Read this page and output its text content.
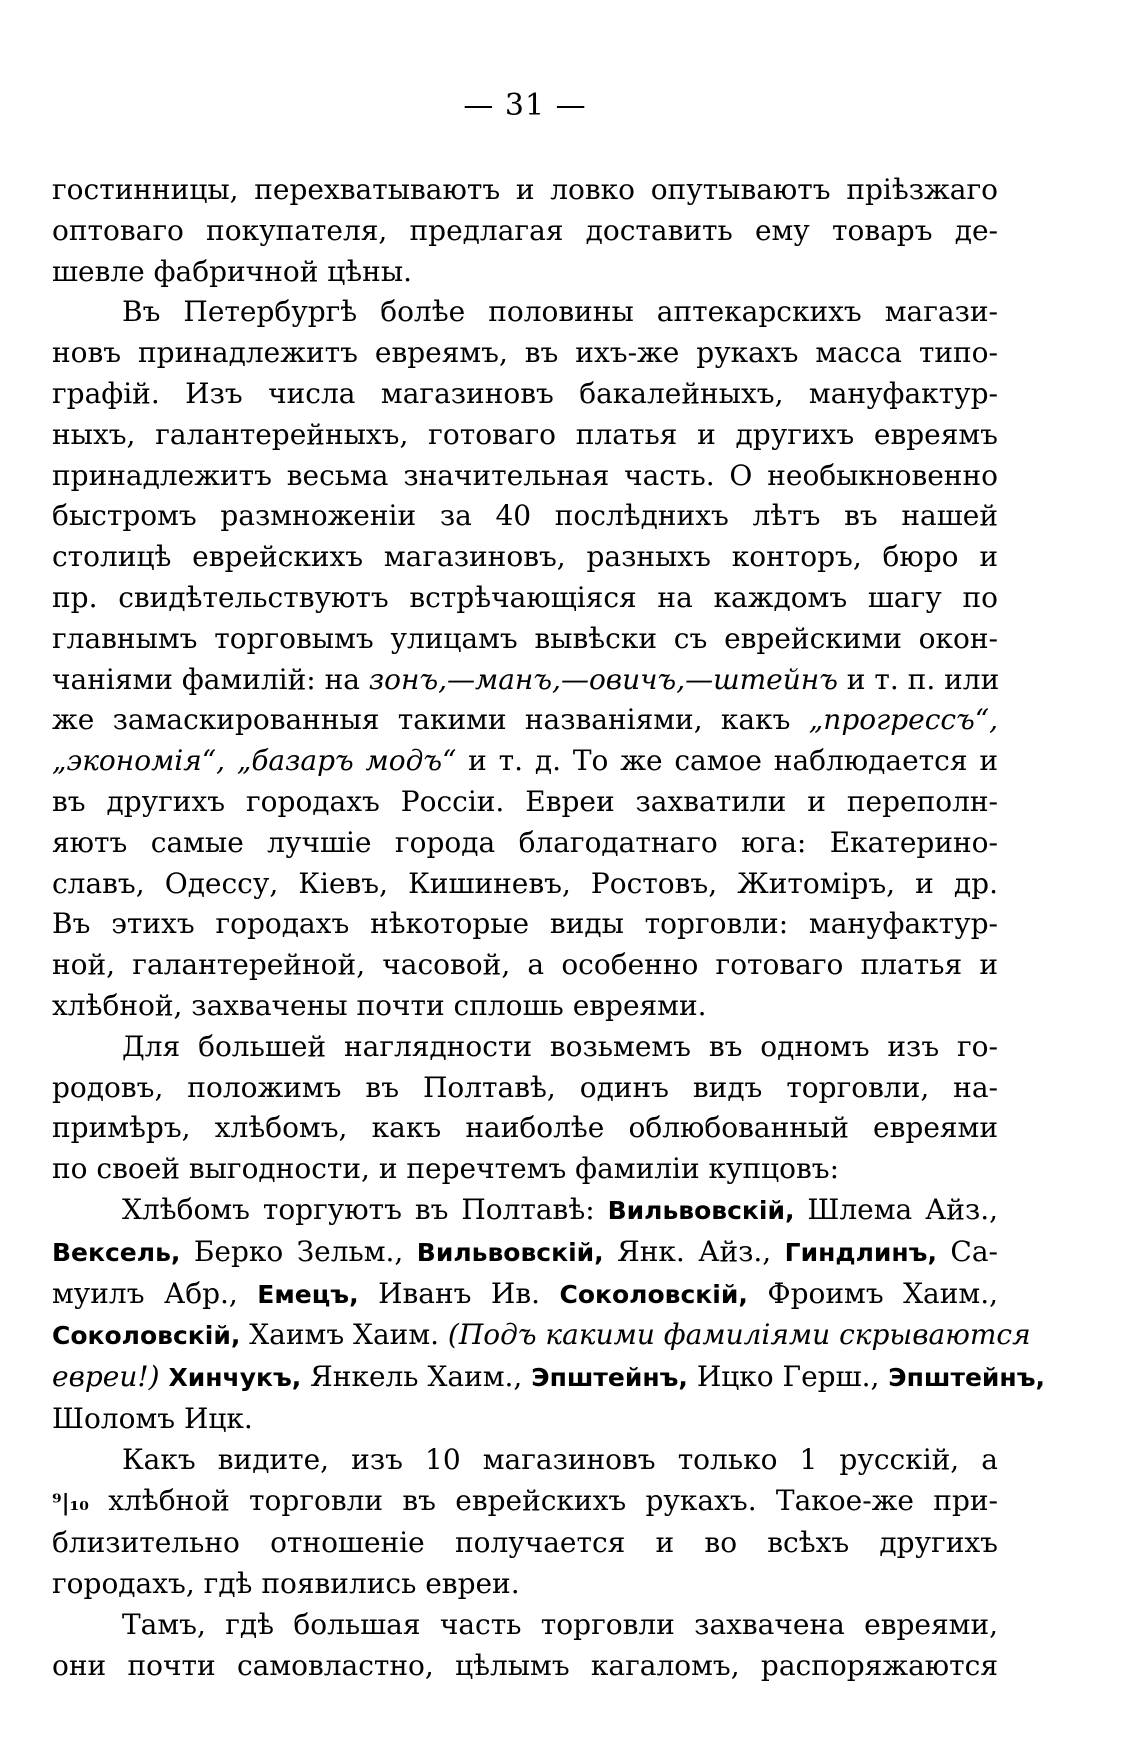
— 31 —
гостинницы, перехватываютъ и ловко опутываютъ пріѣзжаго
оптоваго покупателя, предлагая доставить ему товаръ де-
шевле фабричной цѣны.
Въ Петербургѣ болѣе половины аптекарскихъ магази-
новъ принадлежитъ евреямъ, въ ихъ-же рукахъ масса типо-
графій. Изъ числа магазиновъ бакалейныхъ, мануфактур-
ныхъ, галантерейныхъ, готоваго платья и другихъ евреямъ
принадлежитъ весьма значительная часть. О необыкновенно
быстромъ размноженіи за 40 послѣднихъ лѣтъ въ нашей
столицѣ еврейскихъ магазиновъ, разныхъ конторъ, бюро и
пр. свидѣтельствуютъ встрѣчающіяся на каждомъ шагу по
главнымъ торговымъ улицамъ вывѣски съ еврейскими окон-
чаніями фамилій: на зонъ,—манъ,—овичъ,—штейнъ и т. п. или
же замаскированныя такими названіями, какъ „прогрессъ“,
„экономія“, „базаръ модъ“ и т. д. То же самое наблюдается и
въ другихъ городахъ Россіи. Евреи захватили и переполн-
яютъ самые лучшіе города благодатнаго юга: Екатерино-
славъ, Одессу, Кіевъ, Кишиневъ, Ростовъ, Житоміръ, и др.
Въ этихъ городахъ нѣкоторые виды торговли: мануфактур-
ной, галантерейной, часовой, а особенно готоваго платья и
хлѣбной, захвачены почти сплошь евреями.
Для большей наглядности возьмемъ въ одномъ изъ го-
родовъ, положимъ въ Полтавѣ, одинъ видъ торговли, на-
примѣръ, хлѣбомъ, какъ наиболѣе облюбованный евреями
по своей выгодности, и перечтемъ фамиліи купцовъ:
Хлѣбомъ торгуютъ въ Полтавѣ: Вильвовскій, Шлема Айз.,
Вексель, Берко Зельм., Вильвовскій, Янк. Айз., Гиндлинъ, Са-
муилъ Абр., Емецъ, Иванъ Ив. Соколовскій, Фроимъ Хаим.,
Соколовскій, Хаимъ Хаим. (Подъ какими фамиліями скрываются
евреи!) Хинчукъ, Янкель Хаим., Эпштейнъ, Ицко Герш., Эпштейнъ,
Шоломъ Ицк.
Какъ видите, изъ 10 магазиновъ только 1 русскій, а
⁹|₁₀ хлѣбной торговли въ еврейскихъ рукахъ. Такое-же при-
близительно отношеніе получается и во всѣхъ другихъ
городахъ, гдѣ появились евреи.
Тамъ, гдѣ большая часть торговли захвачена евреями,
они почти самовластно, цѣлымъ кагаломъ, распоряжаются
